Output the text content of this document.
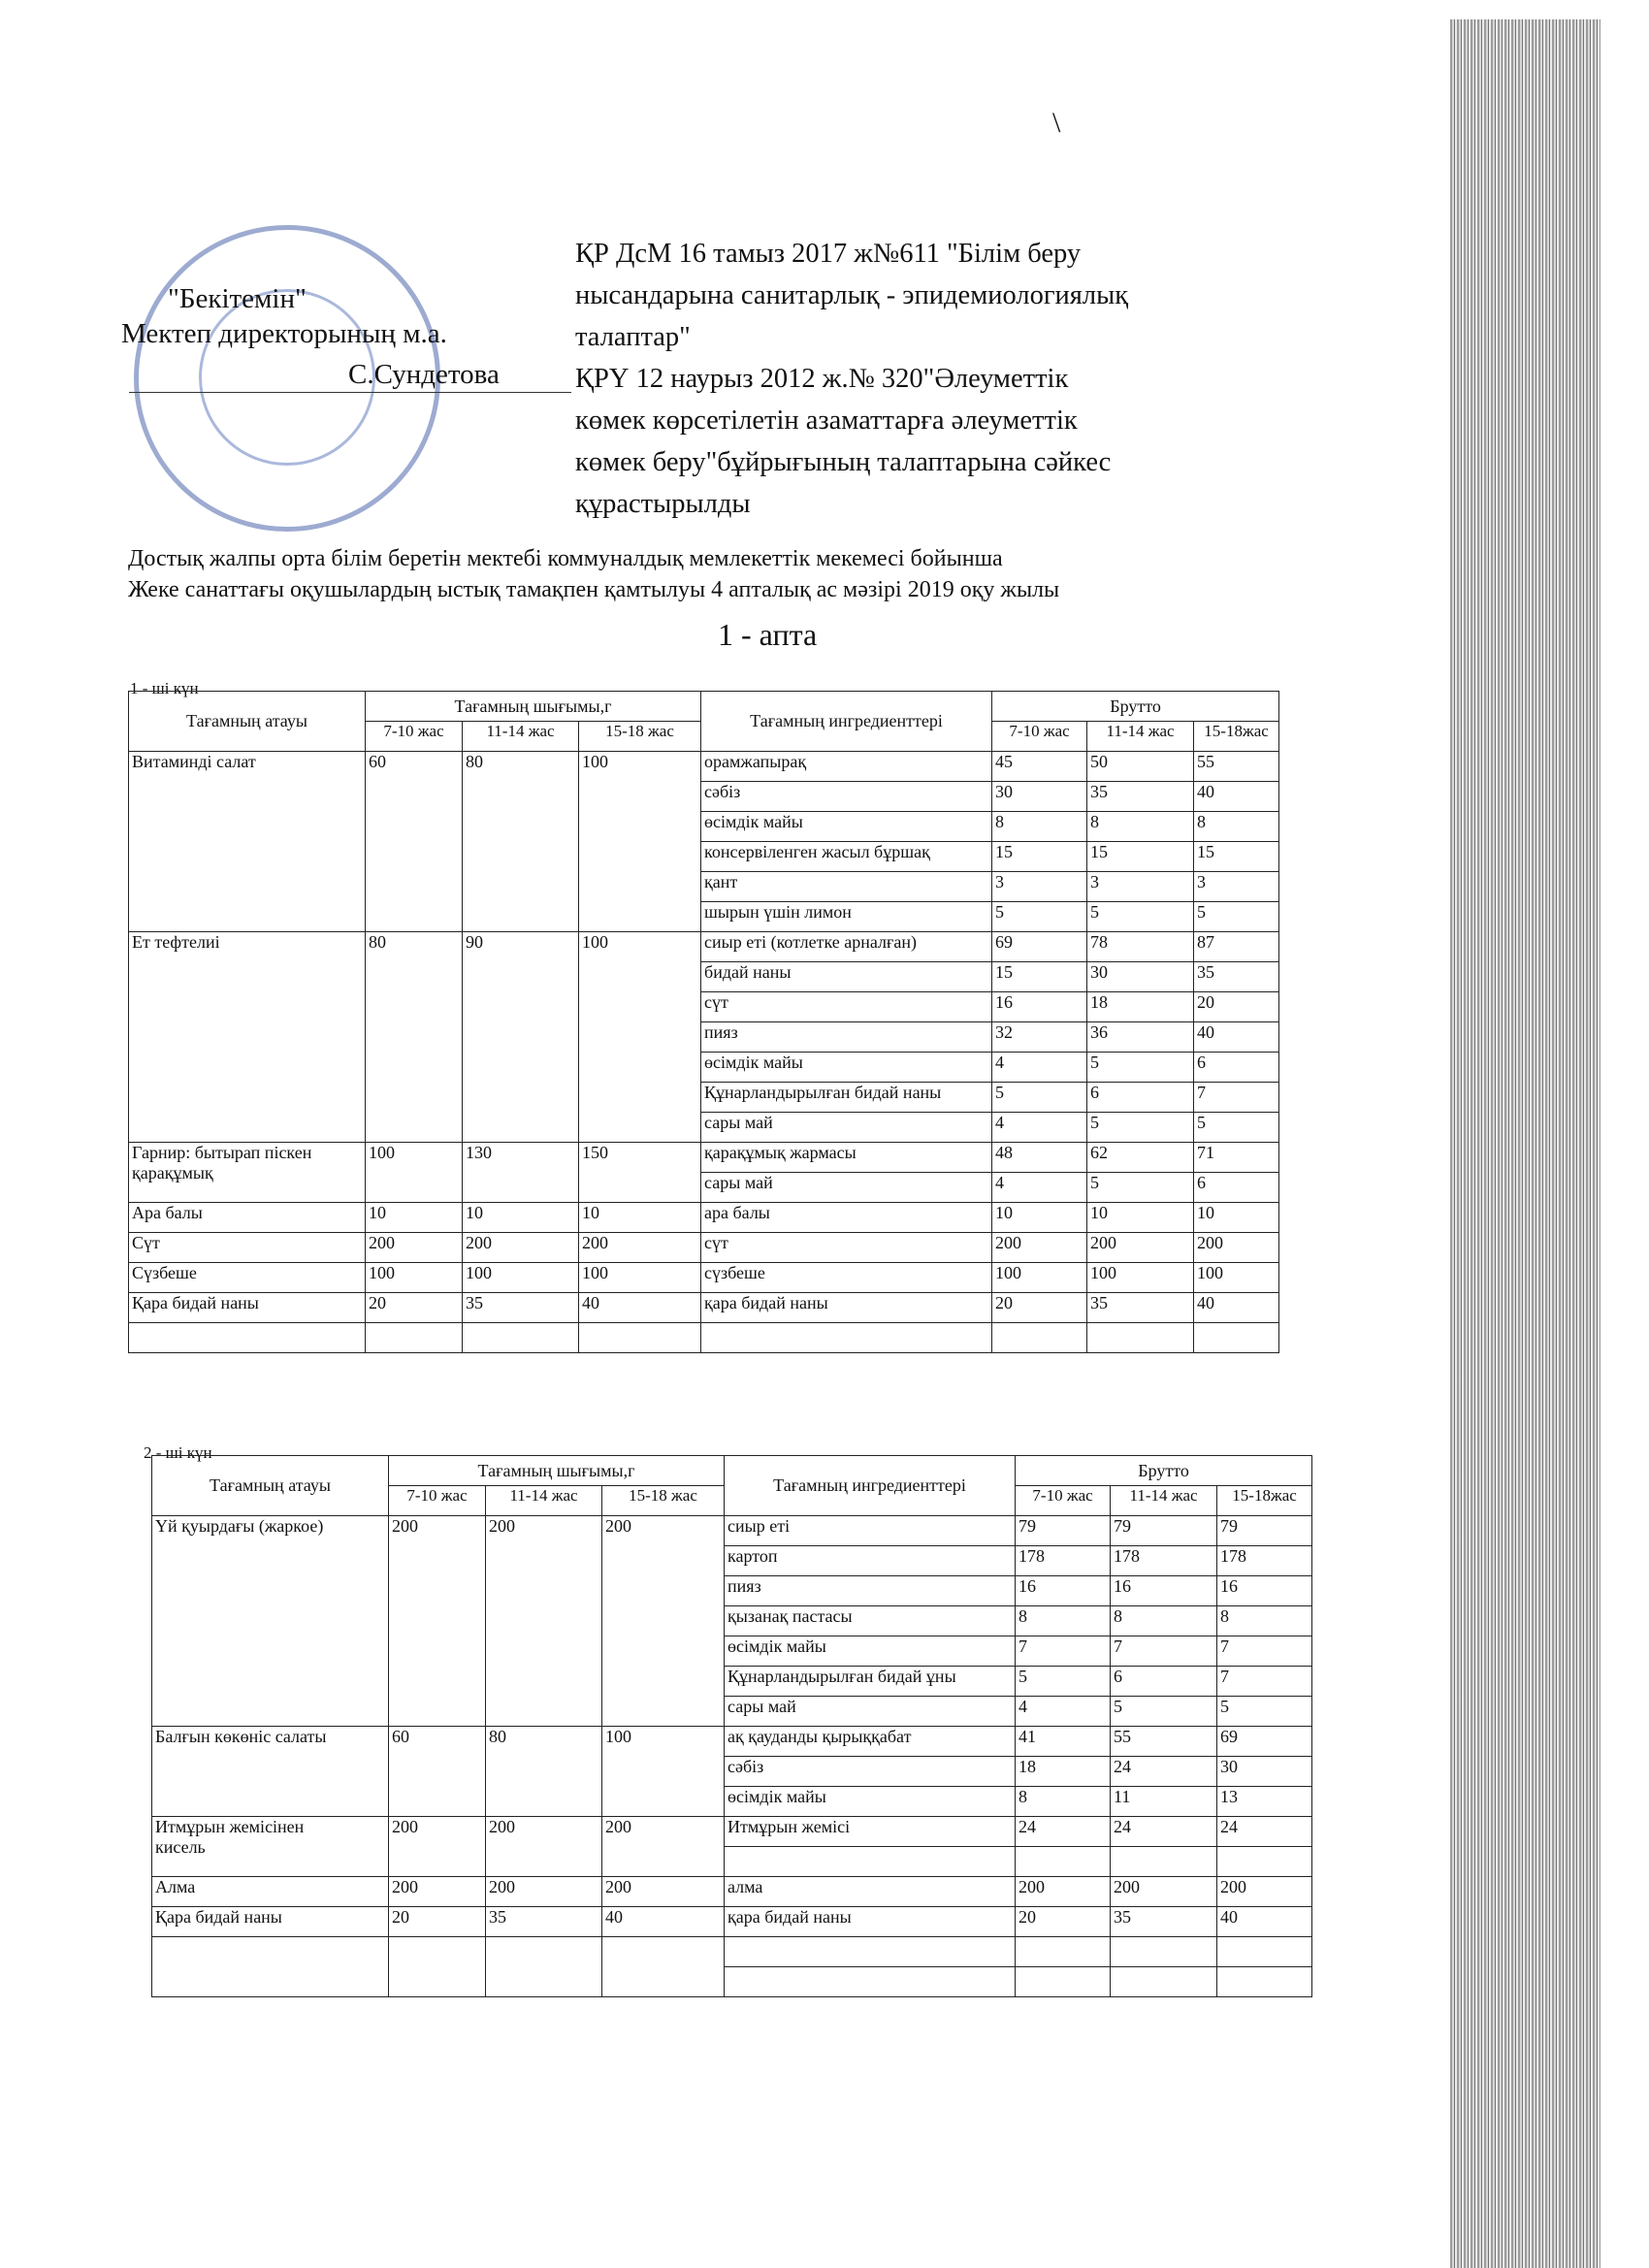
\
"Бекітемін"
Мектеп директорының м.а.
С.Сундетова

ҚР ДсМ 16 тамыз 2017 ж№611 "Білім беру

нысандарына санитарлық - эпидемиологиялық

талаптар"

ҚРҮ 12 наурыз 2012 ж.№ 320"Әлеуметтік

көмек көрсетілетін азаматтарға әлеуметтік

көмек беру"бұйрығының талаптарына сәйкес

құрастырылды

Достық жалпы орта білім беретін мектебі коммуналдық мемлекеттік мекемесі бойынша

Жеке санаттағы оқушылардың ыстық тамақпен қамтылуы 4 апталық ас мәзірі 2019 оқу жылы

1 - апта
1 - ші күн
Тағамның атауы	Тағамның шығымы,г			Тағамның ингредиенттері	Брутто		
	7-10 жас	11-14 жас	15-18 жас		7-10 жас	11-14 жас	15-18жас

Витаминді салат	60	80	100	орамжапырақ	45	50	55
				сәбіз	30	35	40
				өсімдік майы	8	8	8
				консервіленген жасыл бұршақ	15	15	15
				қант	3	3	3
				шырын үшін лимон	5	5	5

Ет тефтелиі	80	90	100	сиыр еті (котлетке арналған)	69	78	87
				бидай наны	15	30	35
				сүт	16	18	20
				пияз	32	36	40
				өсімдік майы	4	5	6
				Құнарландырылған бидай наны	5	6	7
				сары май	4	5	5

Гарнир: бытырап піскен
қарақұмық	100	130	150	қарақұмық жармасы	48	62	71
				сары май	4	5	6

Ара балы	10	10	10	ара балы	10	10	10

Сүт	200	200	200	сүт	200	200	200

Сүзбеше	100	100	100	сүзбеше	100	100	100

Қара бидай наны	20	35	40	қара бидай наны	20	35	40

2 - ші күн
Тағамның атауы	Тағамның шығымы,г			Тағамның ингредиенттері	Брутто		
	7-10 жас	11-14 жас	15-18 жас		7-10 жас	11-14 жас	15-18жас

Үй қуырдағы (жаркое)	200	200	200	сиыр еті	79	79	79
				картоп	178	178	178
				пияз	16	16	16
				қызанақ пастасы	8	8	8
				өсімдік майы	7	7	7
				Құнарландырылған бидай ұны	5	6	7
				сары май	4	5	5

Балғын көкөніс салаты	60	80	100	ақ қауданды қырыққабат	41	55	69
				сәбіз	18	24	30
				өсімдік майы	8	11	13

Итмұрын жемісінен
кисель	200	200	200	Итмұрын жемісі	24	24	24

Алма	200	200	200	алма	200	200	200

Қара бидай наны	20	35	40	қара бидай наны	20	35	40
